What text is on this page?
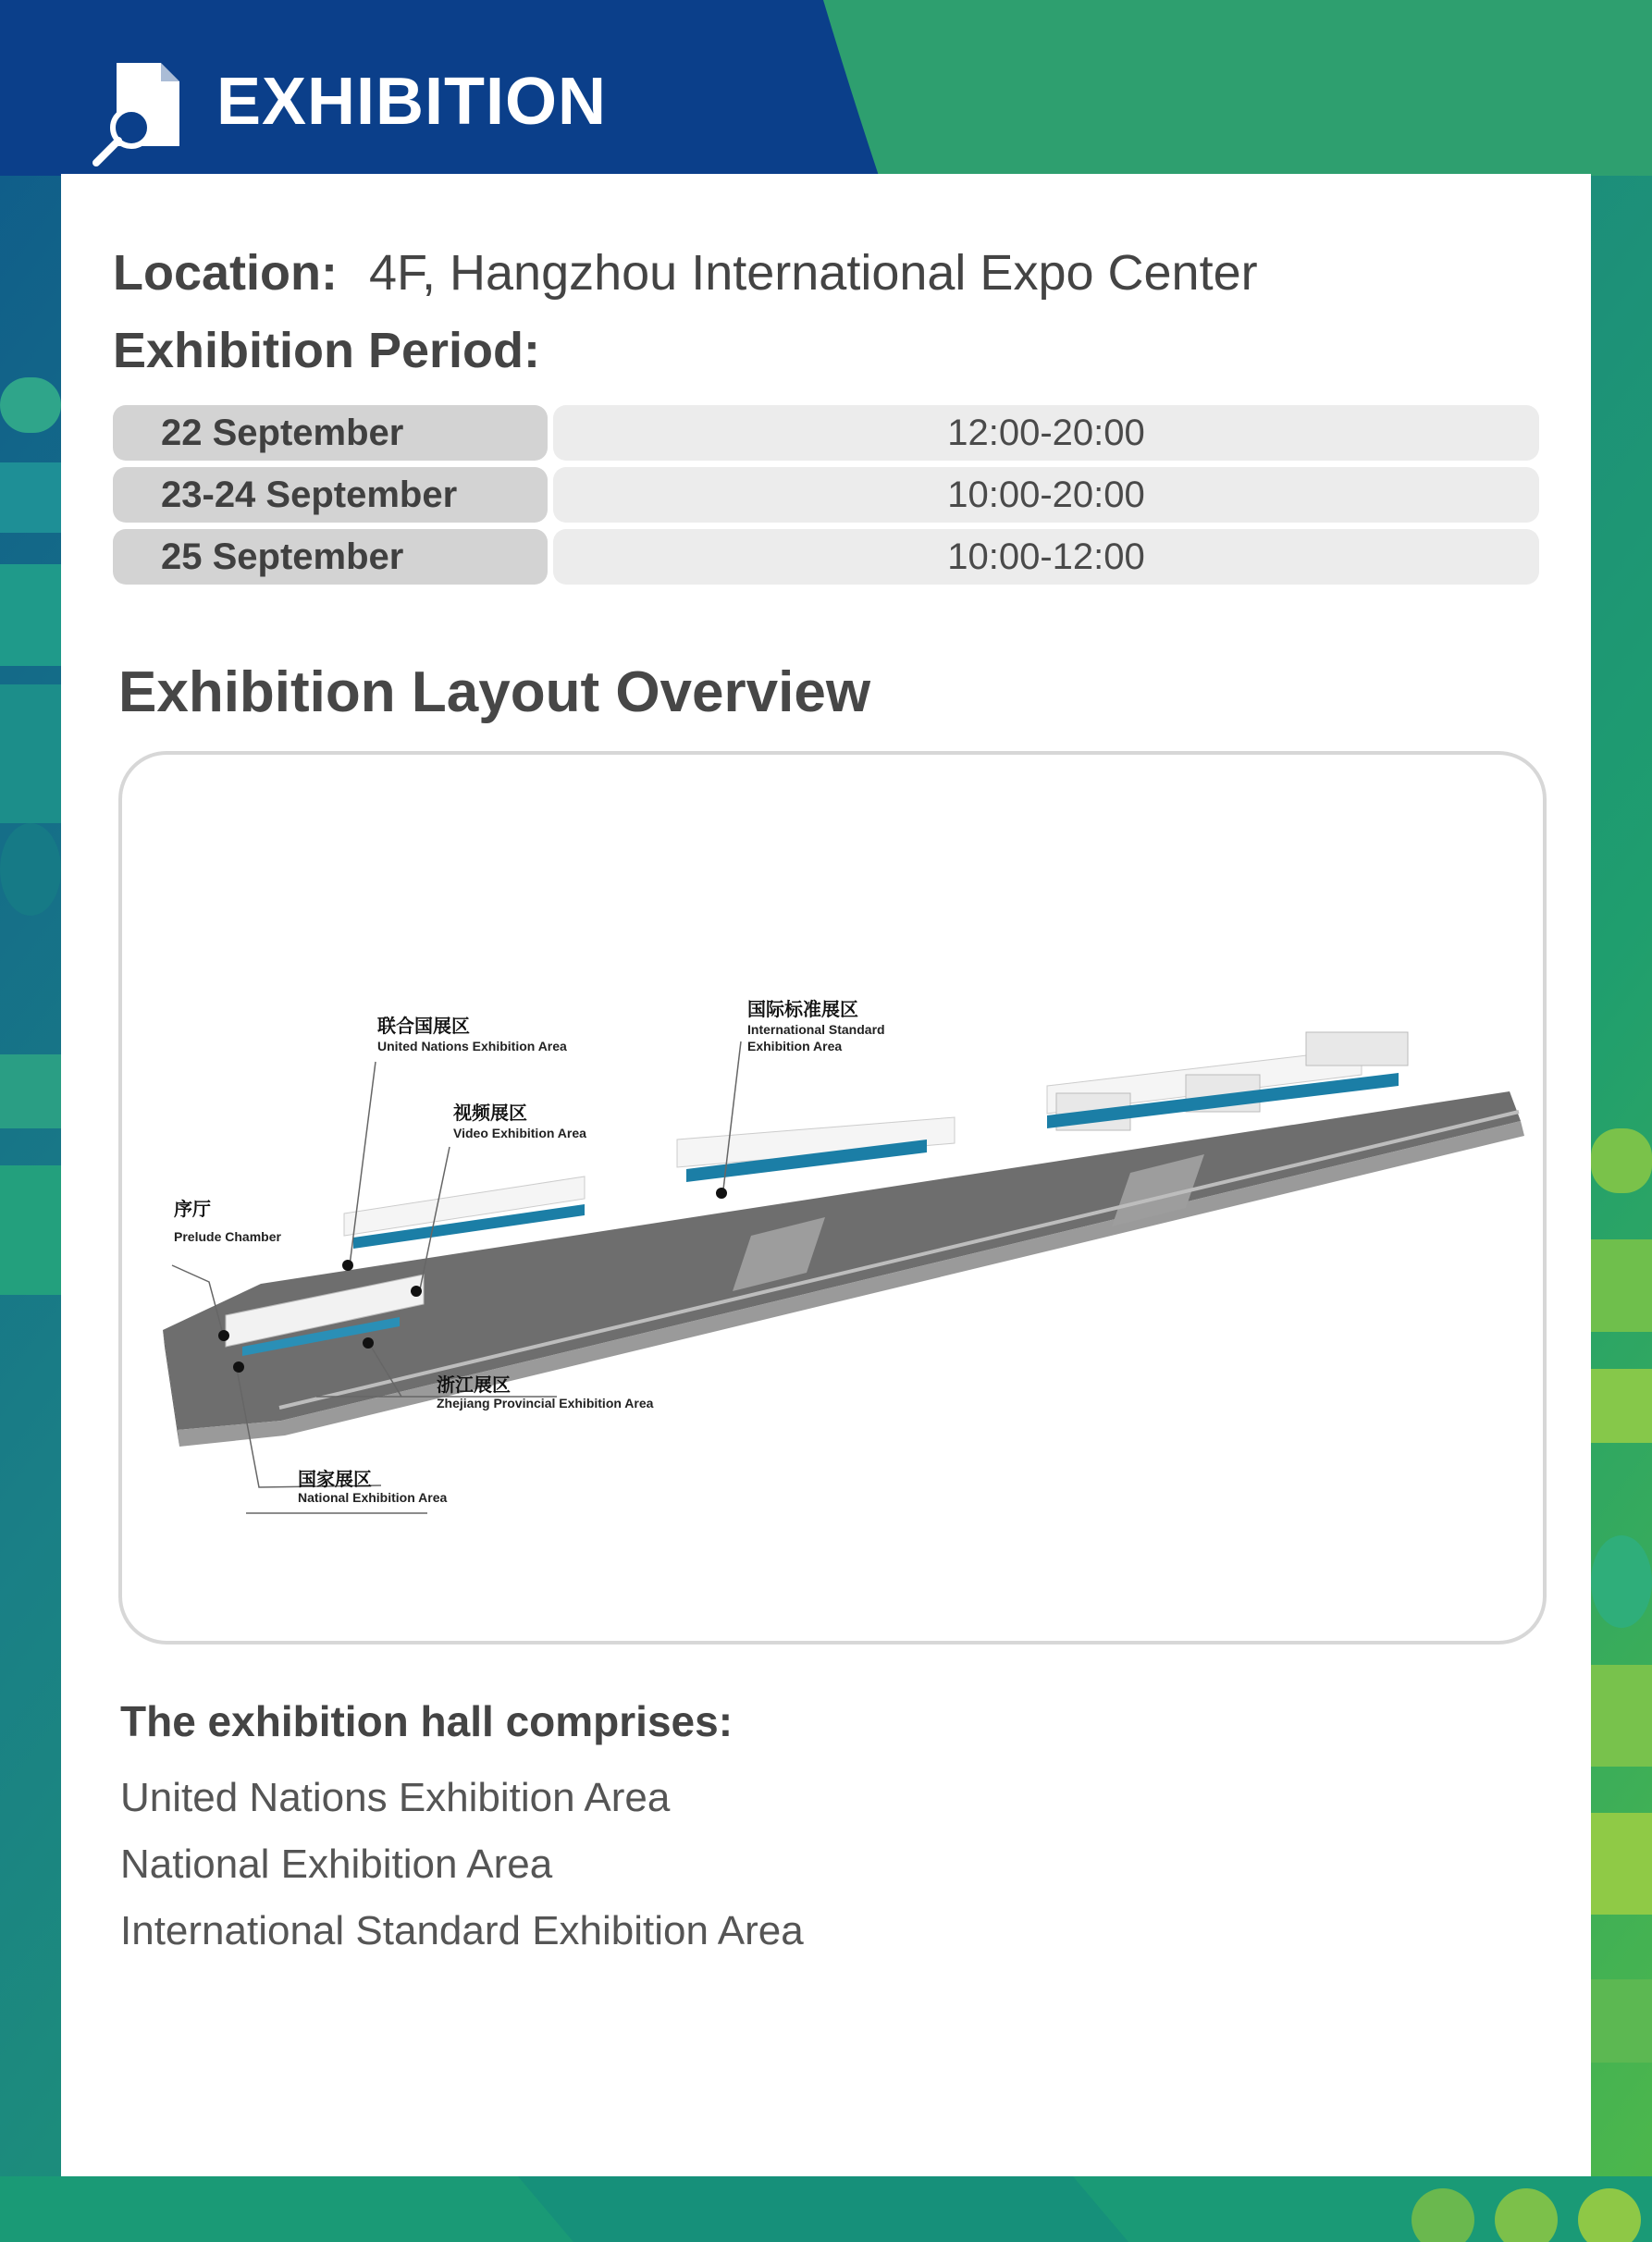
EXHIBITION
Location: 4F, Hangzhou International Expo Center
Exhibition Period:
22 September	12:00-20:00
23-24 September	10:00-20:00
25 September	10:00-12:00
Exhibition Layout Overview
联合国展区
United Nations Exhibition Area
国际标准展区
International Standard
Exhibition Area
视频展区
Video Exhibition Area
序厅
Prelude Chamber
浙江展区
Zhejiang Provincial Exhibition Area
国家展区
National Exhibition Area
The exhibition hall comprises:
United Nations Exhibition Area
National Exhibition Area
International Standard Exhibition Area
